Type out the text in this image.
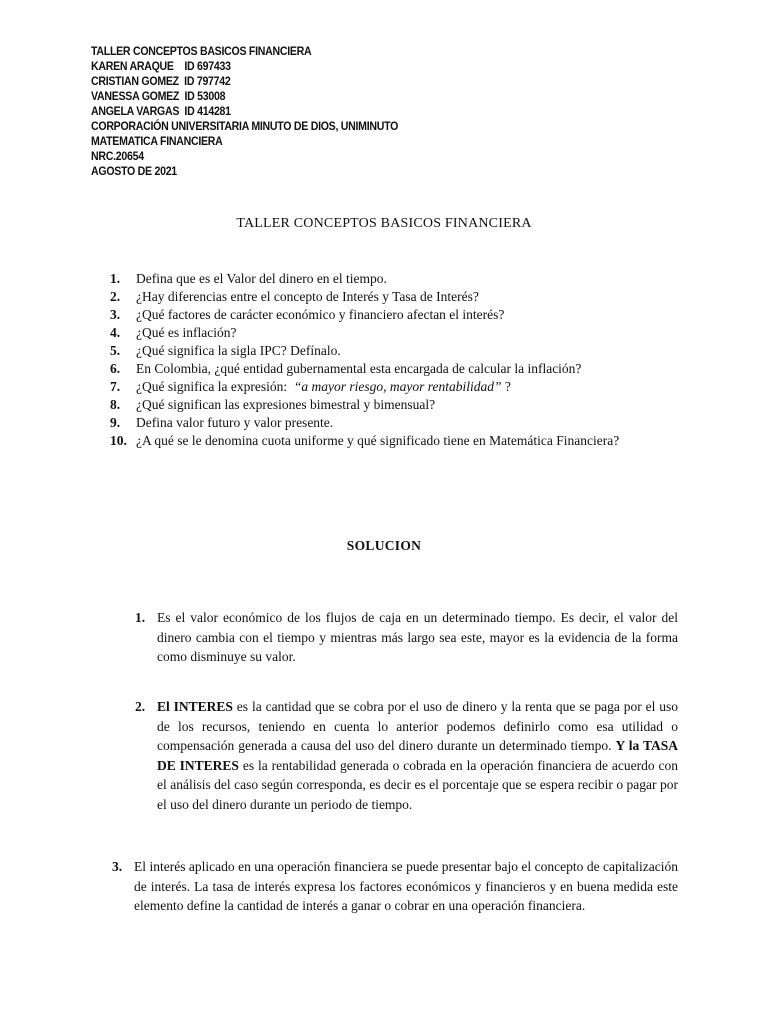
TALLER CONCEPTOS BASICOS FINANCIERA
KAREN ARAQUE    ID 697433
CRISTIAN GOMEZ  ID 797742
VANESSA GOMEZ  ID 53008
ANGELA VARGAS  ID 414281
CORPORACIÓN UNIVERSITARIA MINUTO DE DIOS, UNIMINUTO
MATEMATICA FINANCIERA
NRC.20654
AGOSTO DE 2021
TALLER CONCEPTOS BASICOS FINANCIERA
1. Defina que es el Valor del dinero en el tiempo.
2. ¿Hay diferencias entre el concepto de Interés y Tasa de Interés?
3. ¿Qué factores de carácter económico y financiero afectan el interés?
4. ¿Qué es inflación?
5. ¿Qué significa la sigla IPC? Defínalo.
6. En Colombia, ¿qué entidad gubernamental esta encargada de calcular la inflación?
7. ¿Qué significa la expresión:  “a mayor riesgo, mayor rentabilidad” ?
8. ¿Qué significan las expresiones bimestral y bimensual?
9. Defina valor futuro y valor presente.
10. ¿A qué se le denomina cuota uniforme y qué significado tiene en Matemática Financiera?
SOLUCION
1. Es el valor económico de los flujos de caja en un determinado tiempo. Es decir, el valor del dinero cambia con el tiempo y mientras más largo sea este, mayor es la evidencia de la forma como disminuye su valor.
2. El INTERES es la cantidad que se cobra por el uso de dinero y la renta que se paga por el uso de los recursos, teniendo en cuenta lo anterior podemos definirlo como esa utilidad o compensación generada a causa del uso del dinero durante un determinado tiempo. Y la TASA DE INTERES es la rentabilidad generada o cobrada en la operación financiera de acuerdo con el análisis del caso según corresponda, es decir es el porcentaje que se espera recibir o pagar por el uso del dinero durante un periodo de tiempo.
3. El interés aplicado en una operación financiera se puede presentar bajo el concepto de capitalización de interés. La tasa de interés expresa los factores económicos y financieros y en buena medida este elemento define la cantidad de interés a ganar o cobrar en una operación financiera.
